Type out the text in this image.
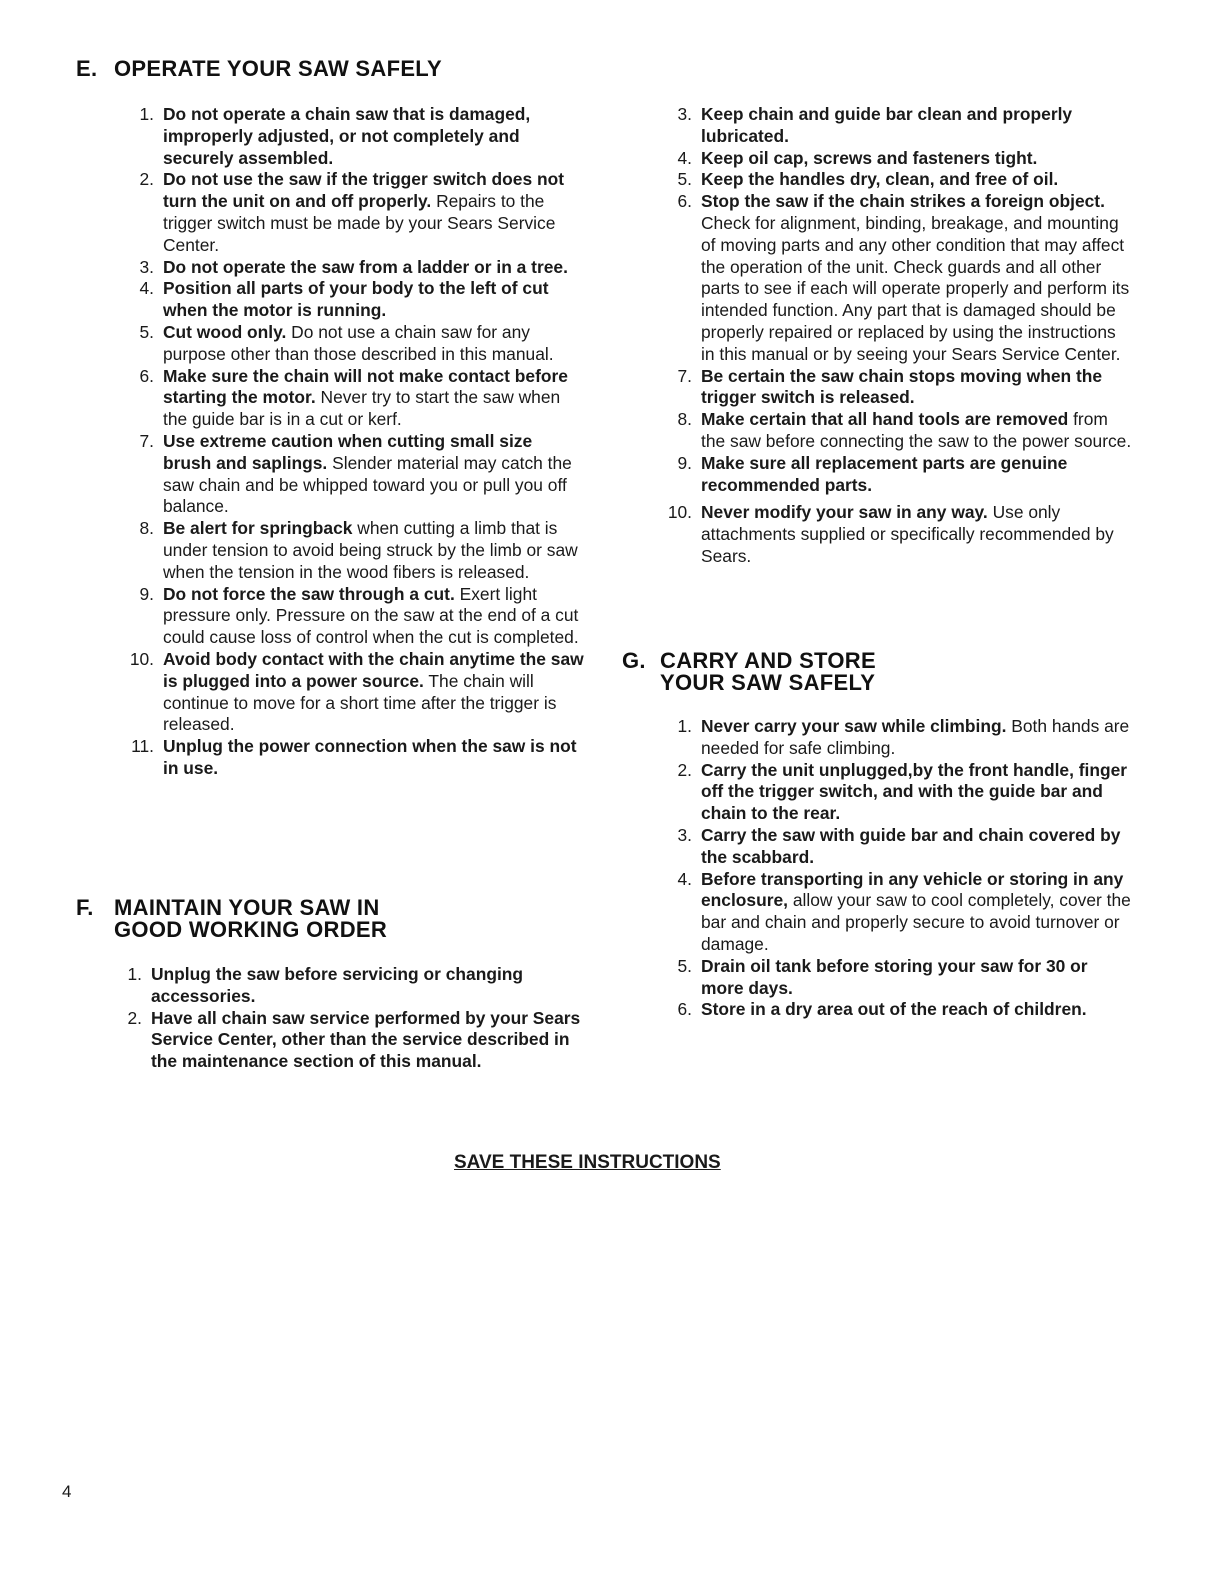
E. OPERATE YOUR SAW SAFELY
1. Do not operate a chain saw that is damaged, improperly adjusted, or not completely and securely assembled.
2. Do not use the saw if the trigger switch does not turn the unit on and off properly. Repairs to the trigger switch must be made by your Sears Service Center.
3. Do not operate the saw from a ladder or in a tree.
4. Position all parts of your body to the left of cut when the motor is running.
5. Cut wood only. Do not use a chain saw for any purpose other than those described in this manual.
6. Make sure the chain will not make contact before starting the motor. Never try to start the saw when the guide bar is in a cut or kerf.
7. Use extreme caution when cutting small size brush and saplings. Slender material may catch the saw chain and be whipped toward you or pull you off balance.
8. Be alert for springback when cutting a limb that is under tension to avoid being struck by the limb or saw when the tension in the wood fibers is released.
9. Do not force the saw through a cut. Exert light pressure only. Pressure on the saw at the end of a cut could cause loss of control when the cut is completed.
10. Avoid body contact with the chain anytime the saw is plugged into a power source. The chain will continue to move for a short time after the trigger is released.
11. Unplug the power connection when the saw is not in use.
F. MAINTAIN YOUR SAW IN
GOOD WORKING ORDER
1. Unplug the saw before servicing or changing accessories.
2. Have all chain saw service performed by your Sears Service Center, other than the service described in the maintenance section of this manual.
3. Keep chain and guide bar clean and properly lubricated.
4. Keep oil cap, screws and fasteners tight.
5. Keep the handles dry, clean, and free of oil.
6. Stop the saw if the chain strikes a foreign object. Check for alignment, binding, breakage, and mounting of moving parts and any other condition that may affect the operation of the unit. Check guards and all other parts to see if each will operate properly and perform its intended function. Any part that is damaged should be properly repaired or replaced by using the instructions in this manual or by seeing your Sears Service Center.
7. Be certain the saw chain stops moving when the trigger switch is released.
8. Make certain that all hand tools are removed from the saw before connecting the saw to the power source.
9. Make sure all replacement parts are genuine recommended parts.
10. Never modify your saw in any way. Use only attachments supplied or specifically recommended by Sears.
G. CARRY AND STORE
YOUR SAW SAFELY
1. Never carry your saw while climbing. Both hands are needed for safe climbing.
2. Carry the unit unplugged,by the front handle, finger off the trigger switch, and with the guide bar and chain to the rear.
3. Carry the saw with guide bar and chain covered by the scabbard.
4. Before transporting in any vehicle or storing in any enclosure, allow your saw to cool completely, cover the bar and chain and properly secure to avoid turnover or damage.
5. Drain oil tank before storing your saw for 30 or more days.
6. Store in a dry area out of the reach of children.

SAVE THESE INSTRUCTIONS

4
